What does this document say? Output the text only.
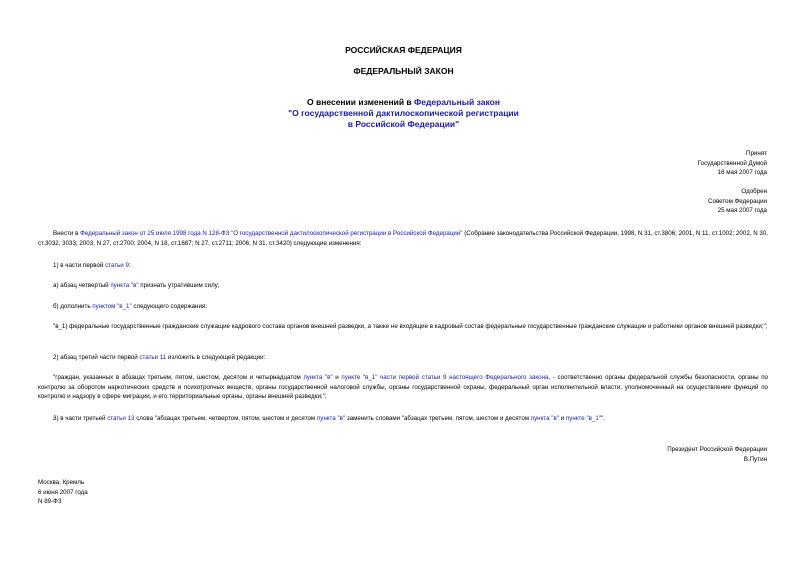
РОССИЙСКАЯ ФЕДЕРАЦИЯ
ФЕДЕРАЛЬНЫЙ ЗАКОН
О внесении изменений в Федеральный закон
"О государственной дактилоскопической регистрации
в Российской Федерации"

Принят

Государственной Думой

16 мая 2007 года

Одобрен

Советом Федерации

25 мая 2007 года

Внести в Федеральный закон от 25 июля 1998 года N 128-ФЗ "О государственной дактилоскопической регистрации в Российской Федерации" (Собрание законодательства Российской Федерации, 1998, N 31, ст.3806; 2001, N 11, ст.1002; 2002, N 30, ст.3032, 3033; 2003, N 27, ст.2700; 2004, N 18, ст.1687; N 27, ст.2711; 2006, N 31, ст.3420) следующие изменения:
1) в части первой статьи 9:
а) абзац четвертый пункта "в" признать утратившим силу;
б) дополнить пунктом "в_1" следующего содержания:
"в_1) федеральные государственные гражданские служащие кадрового состава органов внешней разведки, а также не входящие в кадровый состав федеральные государственные гражданские служащие и работники органов внешней разведки;";
2) абзац третий части первой статьи 11 изложить в следующей редакции:
"граждан, указанных в абзацах третьем, пятом, шестом, десятом и четырнадцатом пункта "в" и пункте "в_1" части первой статьи 9 настоящего Федерального закона, - соответственно органы федеральной службы безопасности, органы по контролю за оборотом наркотических средств и психотропных веществ, органы государственной налоговой службы, органы государственной охраны, федеральный орган исполнительной власти, уполномоченный на осуществление функций по контролю и надзору в сфере миграции, и его территориальные органы, органы внешней разведки;";
3) в части третьей статьи 13 слова "абзацах третьем, четвертом, пятом, шестом и десятом пункта "в" заменить словами "абзацах третьем, пятом, шестом и десятом пункта "в" и пункте "в_1"".

Президент Российской Федерации

В.Путин

Москва, Кремль

6 июня 2007 года

N 89-ФЗ
